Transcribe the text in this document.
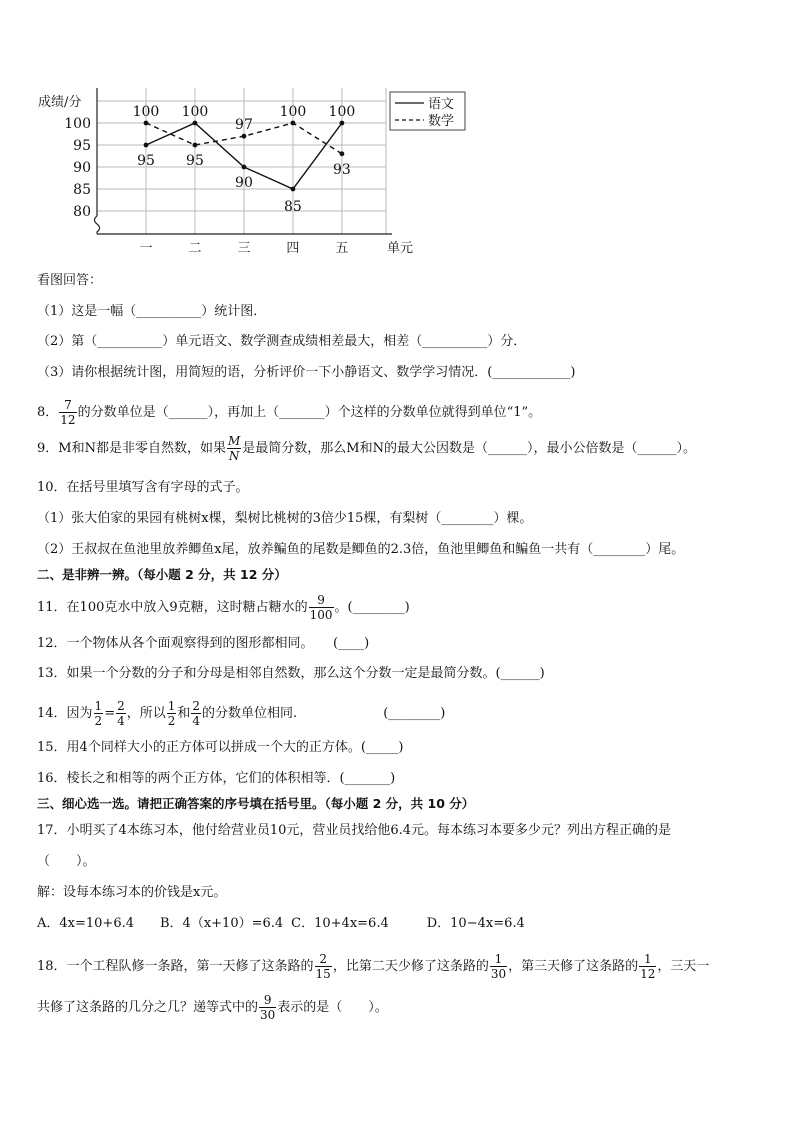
100
95
90
85
80
成绩/分
一	二	三	四	五	单元
95
100
90
85
100
100
95
97
100
93
语文
数学
看图回答：
（1）这是一幅（__________）统计图．
（2）第（__________）单元语文、数学测查成绩相差最大，相差（__________）分．
（3）请你根据统计图，用简短的语，分析评价一下小静语文、数学学习情况．(____________)
8． $\frac{7}{12}$ 的分数单位是（______），再加上（_______）个这样的分数单位就得到单位“1”。
9．M和N都是非零自然数，如果 $\frac{M}{N}$ 是最简分数，那么M和N的最大公因数是（______），最小公倍数是（______）。
10．在括号里填写含有字母的式子。
（1）张大伯家的果园有桃树x棵，梨树比桃树的3倍少15棵，有梨树（________）棵。
（2）王叔叔在鱼池里放养鲫鱼x尾，放养鳊鱼的尾数是鲫鱼的2.3倍，鱼池里鲫鱼和鳊鱼一共有（________）尾。
二、是非辨一辨。（每小题 2 分，共 12 分）
11．在100克水中放入9克糖，这时糖占糖水的 $\frac{9}{100}$ 。(________)
12．一个物体从各个面观察得到的图形都相同。　　(____)
13．如果一个分数的分子和分母是相邻自然数，那么这个分数一定是最简分数。(______)
14．因为 $\frac{1}{2} = \frac{2}{4}$ ，所以 $\frac{1}{2}$ 和 $\frac{2}{4}$ 的分数单位相同.	(________)
15．用4个同样大小的正方体可以拼成一个大的正方体。(_____)
16．棱长之和相等的两个正方体，它们的体积相等．(_______)
三、细心选一选。请把正确答案的序号填在括号里。（每小题 2 分，共 10 分）
17．小明买了4本练习本，他付给营业员10元，营业员找给他6.4元。每本练习本要多少元？列出方程正确的是
（　　）。
解：设每本练习本的价钱是x元。
A．4x=10+6.4 B．4（x+10）=6.4 C．10+4x=6.4	D．10−4x=6.4
18．一个工程队修一条路，第一天修了这条路的 $\frac{2}{15}$ ，比第二天少修了这条路的 $\frac{1}{30}$ ，第三天修了这条路的 $\frac{1}{12}$ ，三天一
共修了这条路的几分之几？递等式中的 $\frac{9}{30}$ 表示的是（　　）。
